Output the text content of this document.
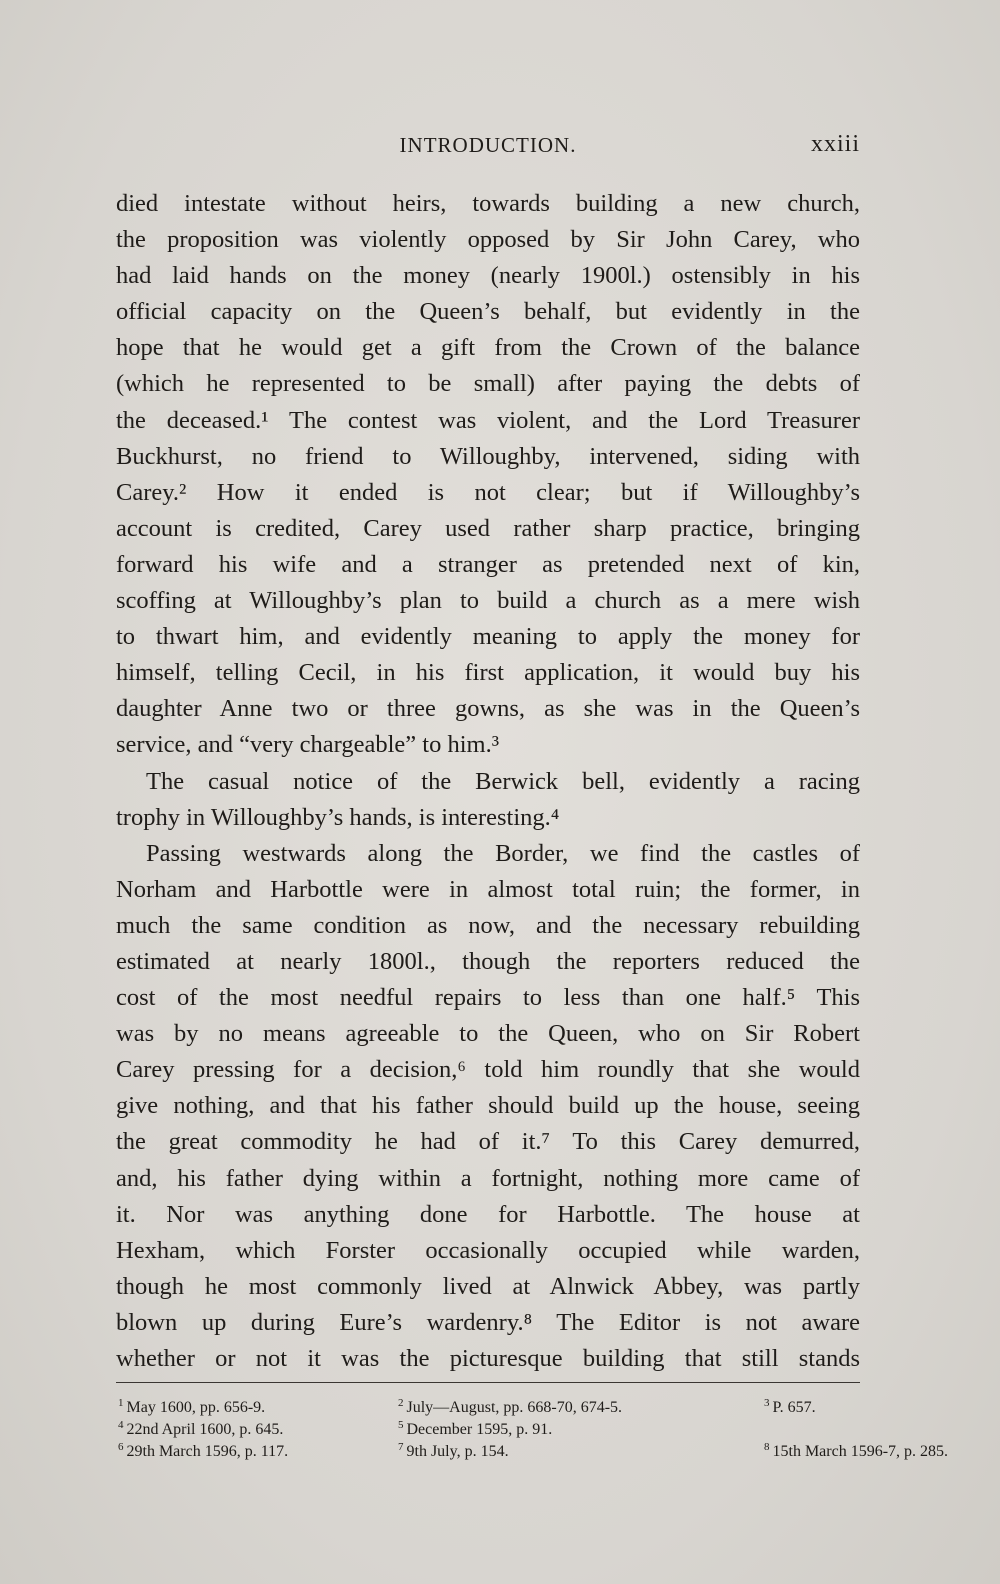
INTRODUCTION.	xxiii
died intestate without heirs, towards building a new church,
the proposition was violently opposed by Sir John Carey, who
had laid hands on the money (nearly 1900l.) ostensibly in his
official capacity on the Queen’s behalf, but evidently in the
hope that he would get a gift from the Crown of the balance
(which he represented to be small) after paying the debts of
the deceased.¹ The contest was violent, and the Lord Treasurer
Buckhurst, no friend to Willoughby, intervened, siding with
Carey.² How it ended is not clear; but if Willoughby’s
account is credited, Carey used rather sharp practice, bringing
forward his wife and a stranger as pretended next of kin,
scoffing at Willoughby’s plan to build a church as a mere wish
to thwart him, and evidently meaning to apply the money for
himself, telling Cecil, in his first application, it would buy his
daughter Anne two or three gowns, as she was in the Queen’s
service, and “very chargeable” to him.³
The casual notice of the Berwick bell, evidently a racing
trophy in Willoughby’s hands, is interesting.⁴
Passing westwards along the Border, we find the castles of
Norham and Harbottle were in almost total ruin; the former, in
much the same condition as now, and the necessary rebuilding
estimated at nearly 1800l., though the reporters reduced the
cost of the most needful repairs to less than one half.⁵ This
was by no means agreeable to the Queen, who on Sir Robert
Carey pressing for a decision,⁶ told him roundly that she would
give nothing, and that his father should build up the house, seeing
the great commodity he had of it.⁷ To this Carey demurred,
and, his father dying within a fortnight, nothing more came of
it. Nor was anything done for Harbottle. The house at
Hexham, which Forster occasionally occupied while warden,
though he most commonly lived at Alnwick Abbey, was partly
blown up during Eure’s wardenry.⁸ The Editor is not aware
whether or not it was the picturesque building that still stands
$^1$ May 1600, pp. 656-9.	$^2$ July—August, pp. 668-70, 674-5.	$^3$ P. 657.
$^4$ 22nd April 1600, p. 645.	$^5$ December 1595, p. 91.
$^6$ 29th March 1596, p. 117.	$^7$ 9th July, p. 154.	$^8$ 15th March 1596-7, p. 285.
